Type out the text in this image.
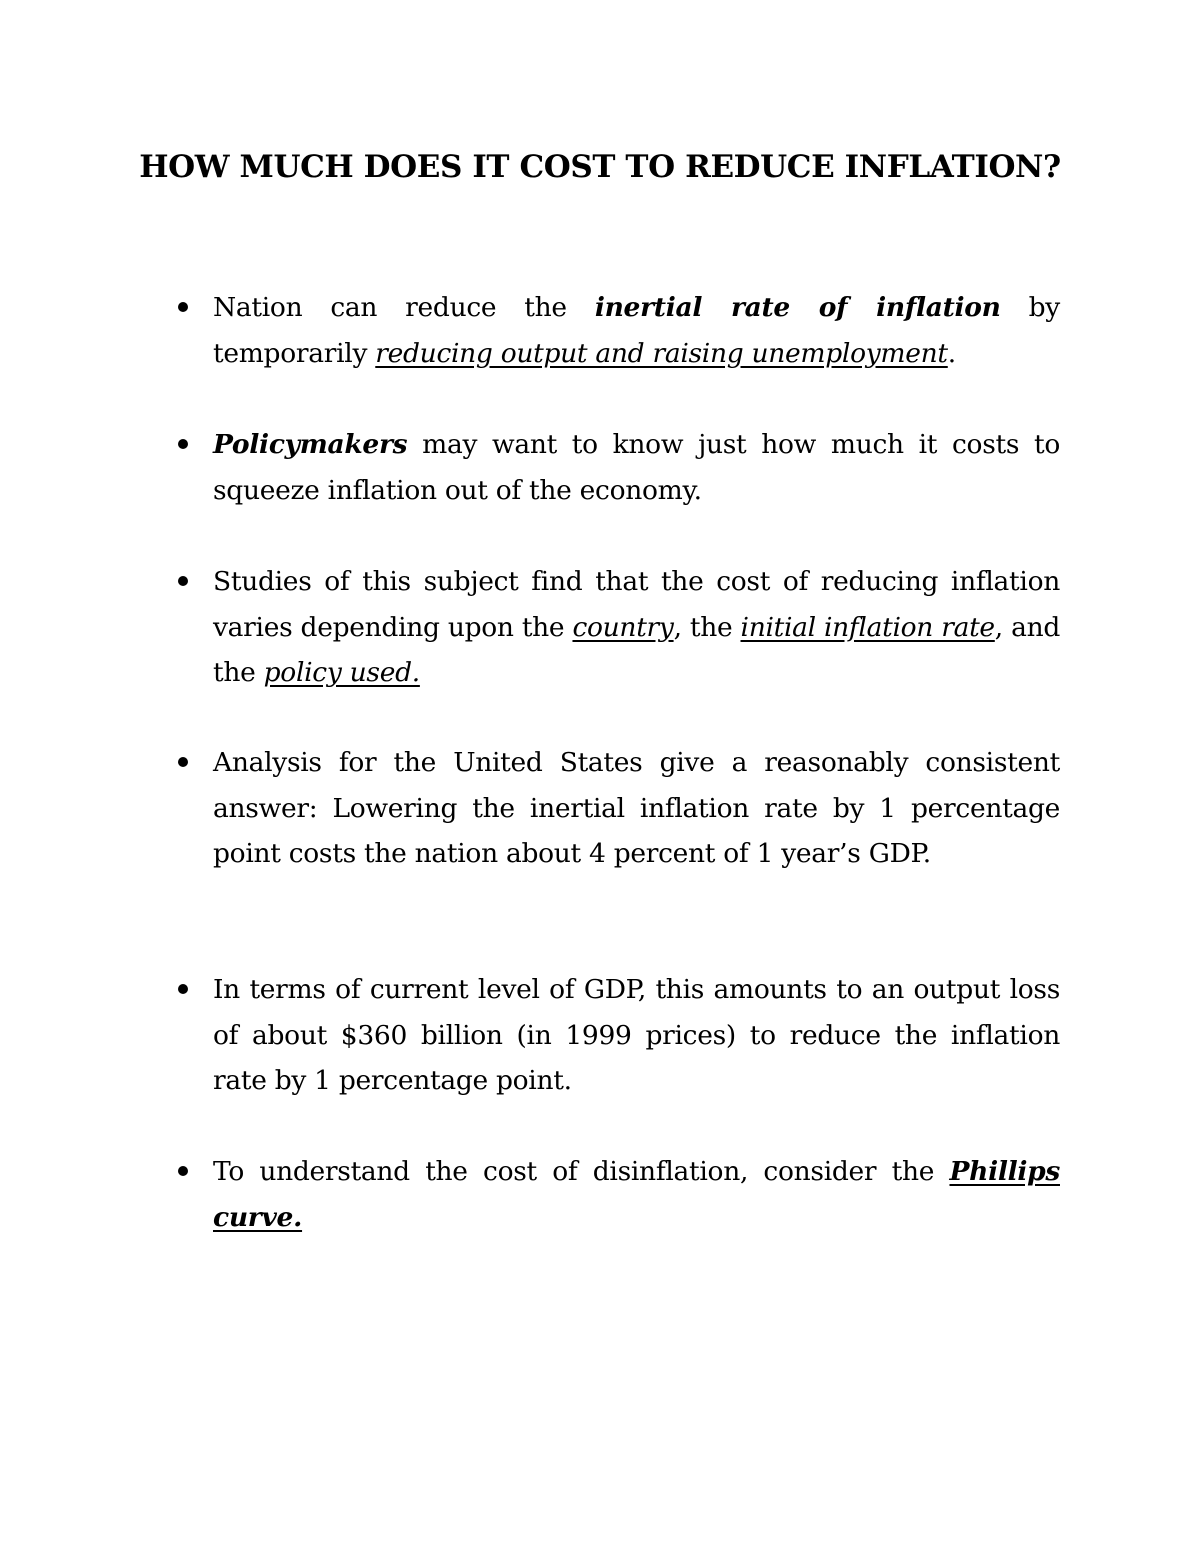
HOW MUCH DOES IT COST TO REDUCE INFLATION?
Nation can reduce the inertial rate of inflation by temporarily reducing output and raising unemployment.
Policymakers may want to know just how much it costs to squeeze inflation out of the economy.
Studies of this subject find that the cost of reducing inflation varies depending upon the country, the initial inflation rate, and the policy used.
Analysis for the United States give a reasonably consistent answer: Lowering the inertial inflation rate by 1 percentage point costs the nation about 4 percent of 1 year’s GDP.
In terms of current level of GDP, this amounts to an output loss of about $360 billion (in 1999 prices) to reduce the inflation rate by 1 percentage point.
To understand the cost of disinflation, consider the Phillips curve.
